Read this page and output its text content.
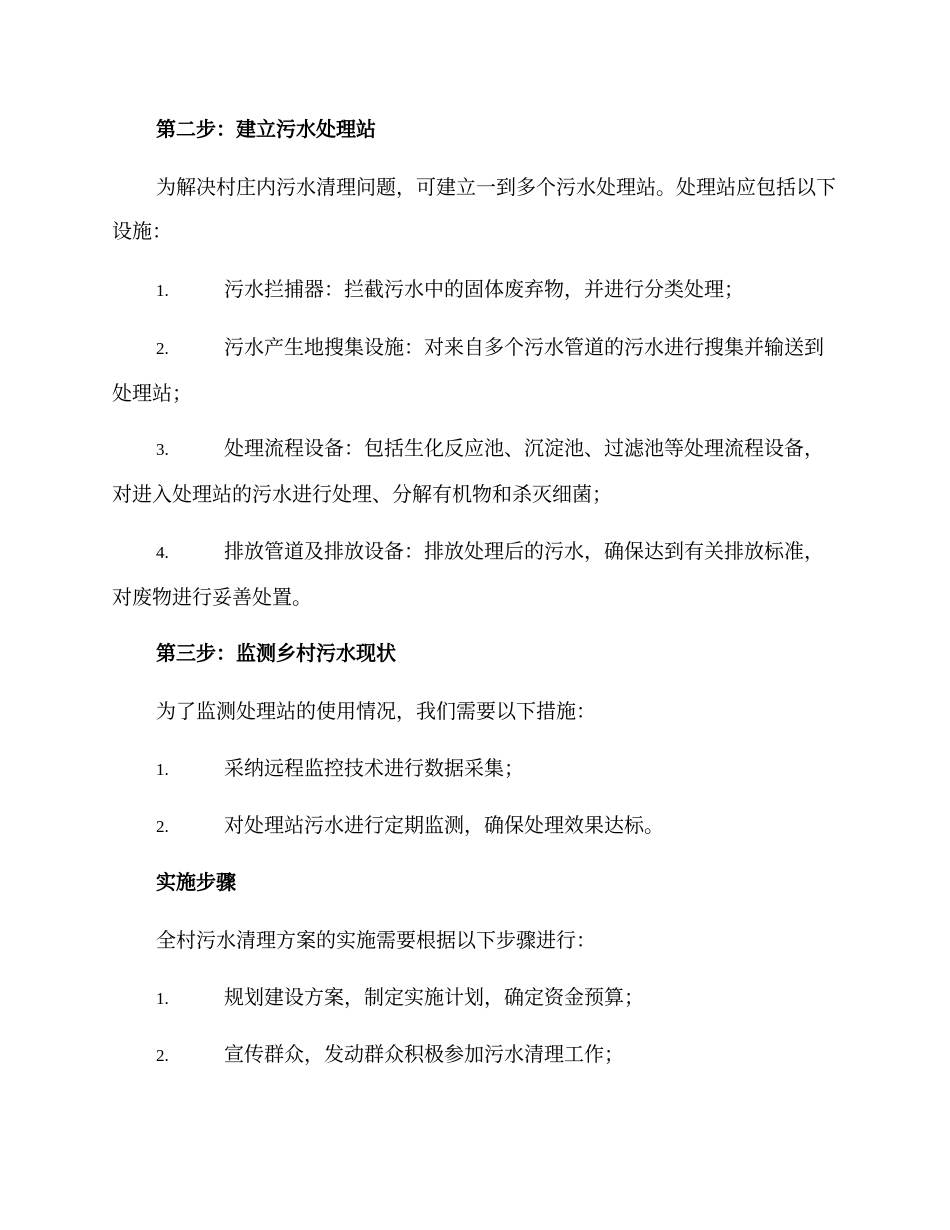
第二步：建立污水处理站

为解决村庄内污水清理问题，可建立一到多个污水处理站。处理站应包括以下设施：

1.	污水拦捕器：拦截污水中的固体废弃物，并进行分类处理；

2.	污水产生地搜集设施：对来自多个污水管道的污水进行搜集并输送到处理站；

3.	处理流程设备：包括生化反应池、沉淀池、过滤池等处理流程设备，对进入处理站的污水进行处理、分解有机物和杀灭细菌；

4.	排放管道及排放设备：排放处理后的污水，确保达到有关排放标准，对废物进行妥善处置。

第三步：监测乡村污水现状

为了监测处理站的使用情况，我们需要以下措施：

1.	采纳远程监控技术进行数据采集；

2.	对处理站污水进行定期监测，确保处理效果达标。

实施步骤

全村污水清理方案的实施需要根据以下步骤进行：

1.	规划建设方案，制定实施计划，确定资金预算；

2.	宣传群众，发动群众积极参加污水清理工作；
